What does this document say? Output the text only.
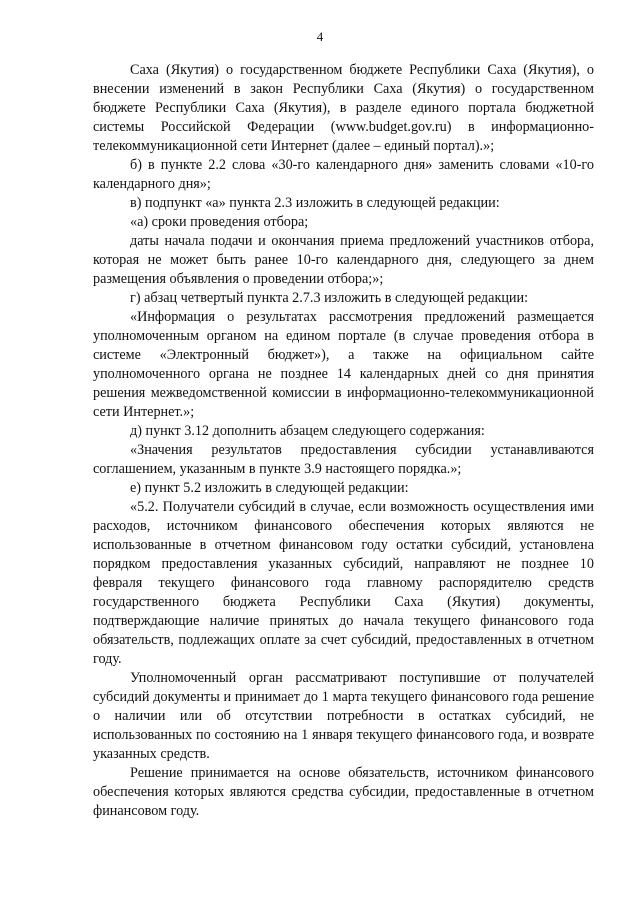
4

Саха (Якутия) о государственном бюджете Республики Саха (Якутия), о внесении изменений в закон Республики Саха (Якутия) о государственном бюджете Республики Саха (Якутия), в разделе единого портала бюджетной системы Российской Федерации (www.budget.gov.ru) в информационно-телекоммуникационной сети Интернет (далее – единый портал).»;

б) в пункте 2.2 слова «30-го календарного дня» заменить словами «10-го календарного дня»;

в) подпункт «а» пункта 2.3 изложить в следующей редакции:

«а) сроки проведения отбора;

даты начала подачи и окончания приема предложений участников отбора, которая не может быть ранее 10-го календарного дня, следующего за днем размещения объявления о проведении отбора;»;

г) абзац четвертый пункта 2.7.3 изложить в следующей редакции:

«Информация о результатах рассмотрения предложений размещается уполномоченным органом на едином портале (в случае проведения отбора в системе «Электронный бюджет»), а также на официальном сайте уполномоченного органа не позднее 14 календарных дней со дня принятия решения межведомственной комиссии в информационно-телекоммуникационной сети Интернет.»;

д) пункт 3.12 дополнить абзацем следующего содержания:

«Значения результатов предоставления субсидии устанавливаются соглашением, указанным в пункте 3.9 настоящего порядка.»;

е) пункт 5.2 изложить в следующей редакции:

«5.2. Получатели субсидий в случае, если возможность осуществления ими расходов, источником финансового обеспечения которых являются не использованные в отчетном финансовом году остатки субсидий, установлена порядком предоставления указанных субсидий, направляют не позднее 10 февраля текущего финансового года главному распорядителю средств государственного бюджета Республики Саха (Якутия) документы, подтверждающие наличие принятых до начала текущего финансового года обязательств, подлежащих оплате за счет субсидий, предоставленных в отчетном году.

Уполномоченный орган рассматривают поступившие от получателей субсидий документы и принимает до 1 марта текущего финансового года решение о наличии или об отсутствии потребности в остатках субсидий, не использованных по состоянию на 1 января текущего финансового года, и возврате указанных средств.

Решение принимается на основе обязательств, источником финансового обеспечения которых являются средства субсидии, предоставленные в отчетном финансовом году.
